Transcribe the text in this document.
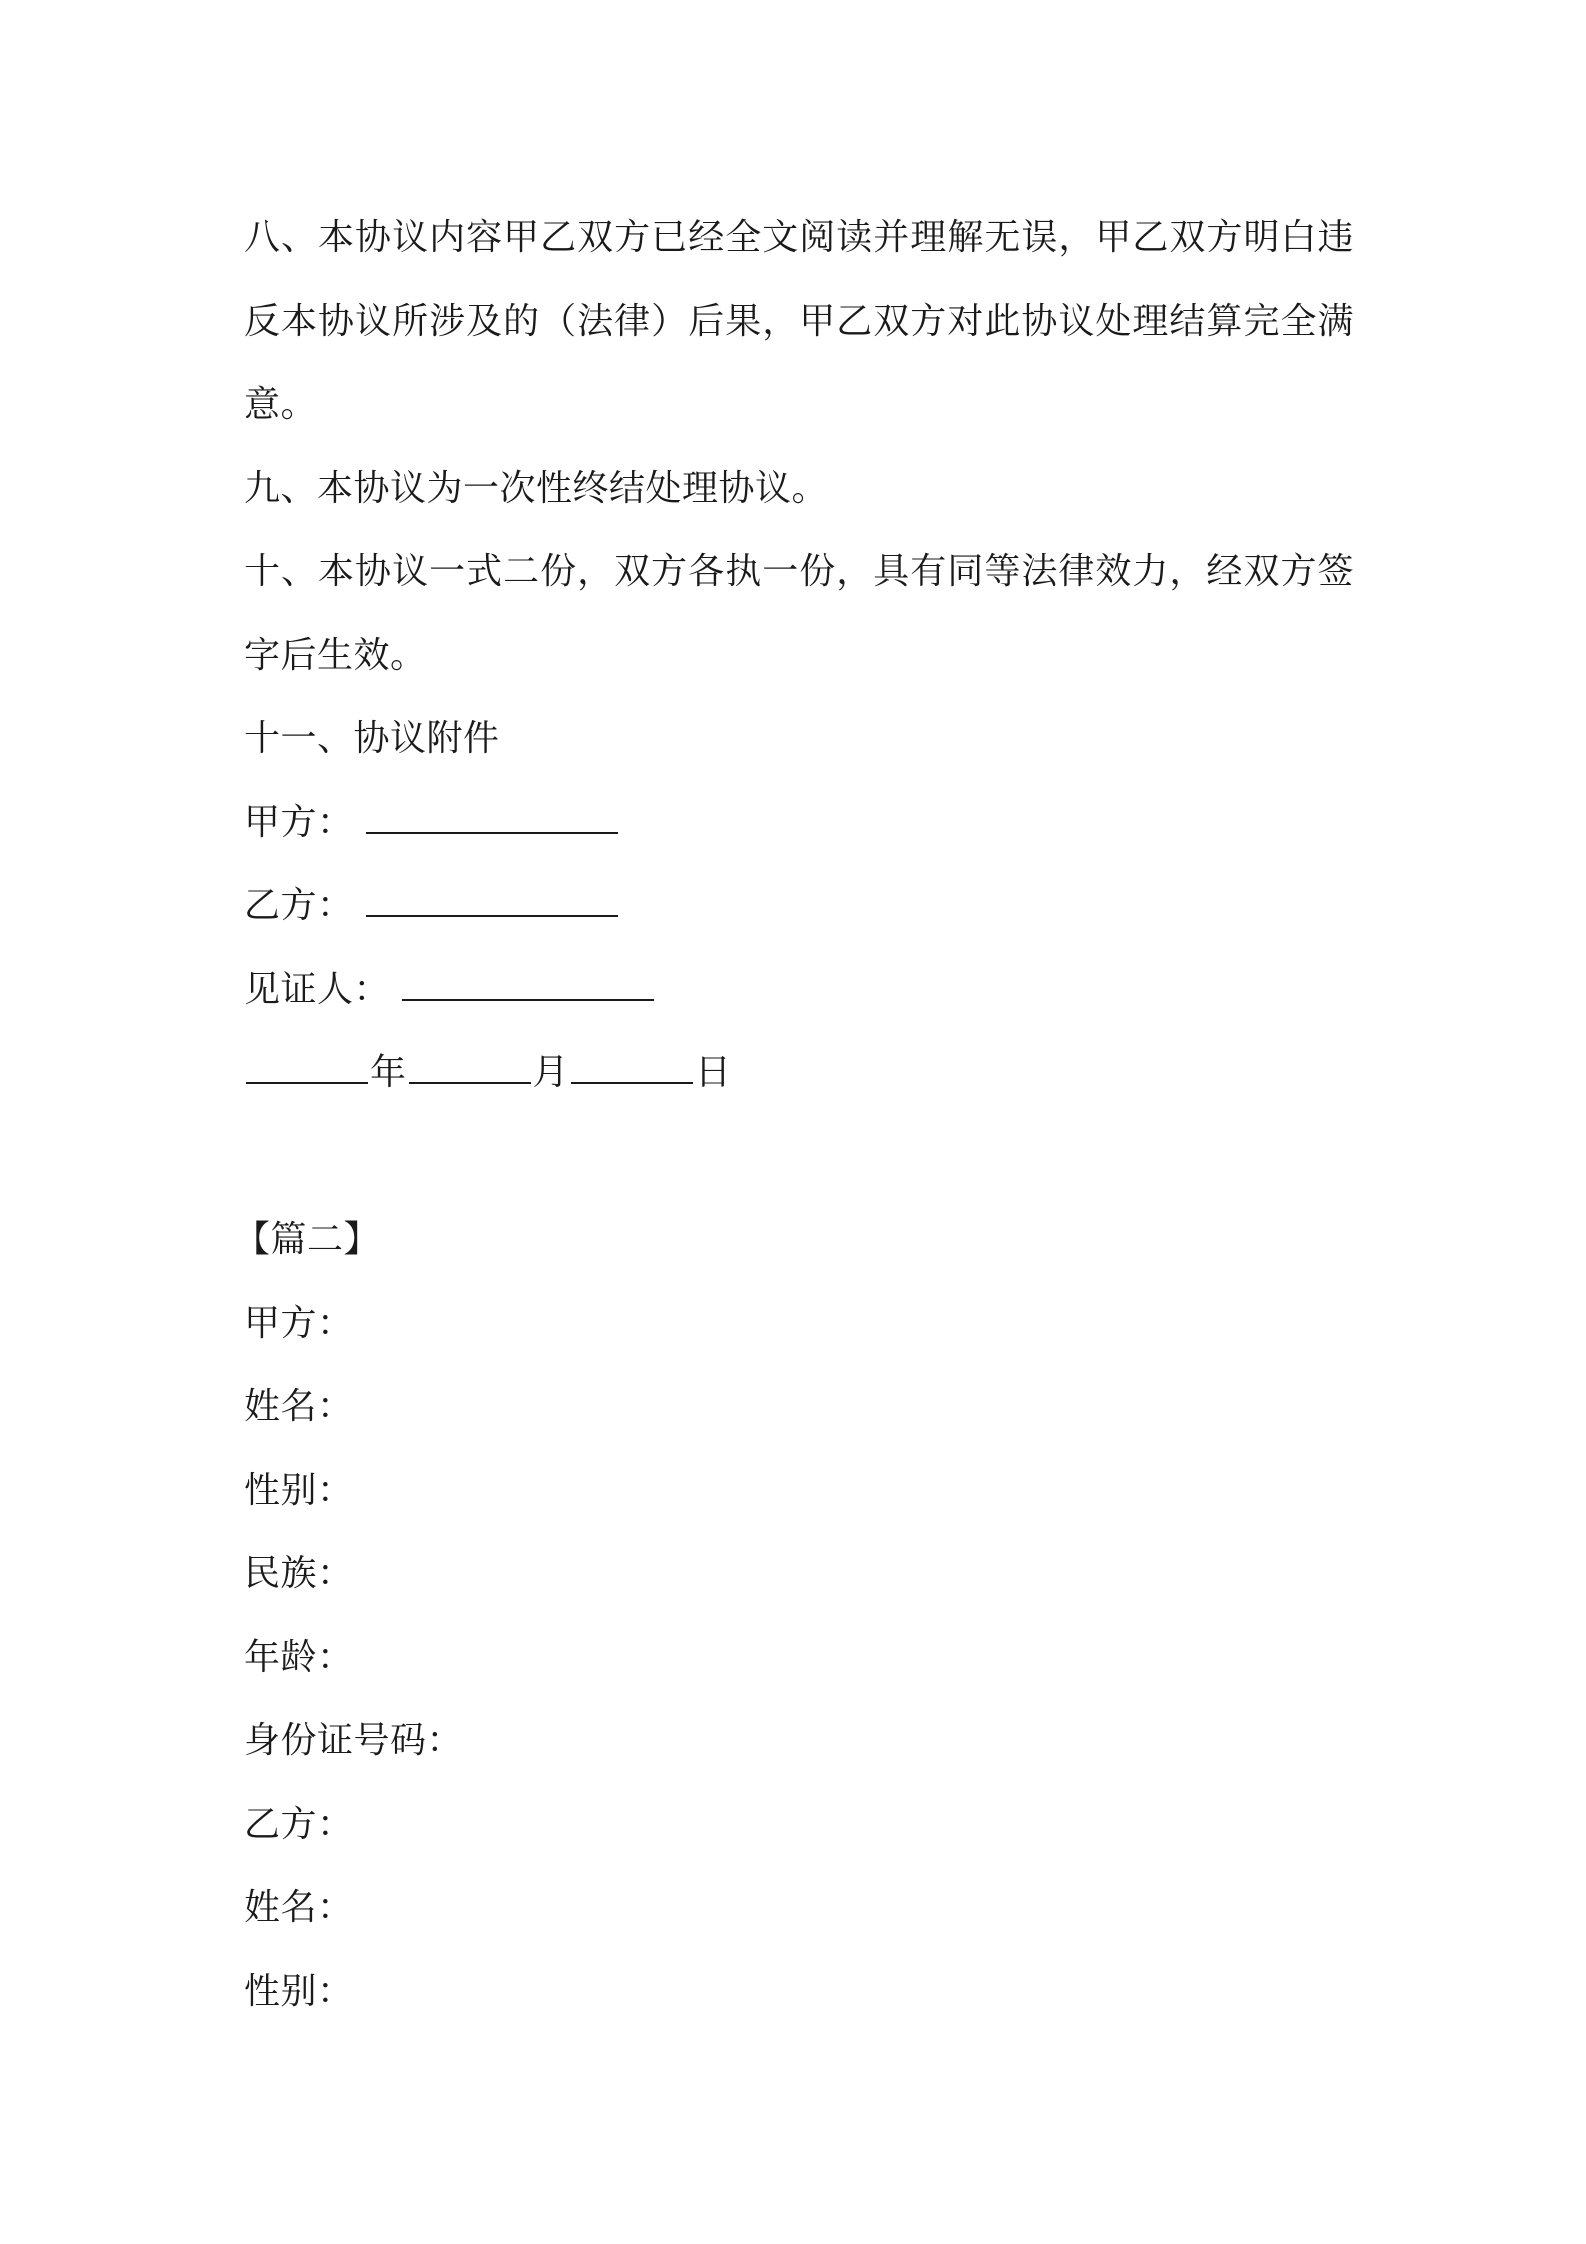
八、本协议内容甲乙双方已经全文阅读并理解无误，甲乙双方明白违反本协议所涉及的（法律）后果，甲乙双方对此协议处理结算完全满意。
九、本协议为一次性终结处理协议。
十、本协议一式二份，双方各执一份，具有同等法律效力，经双方签字后生效。
十一、协议附件
甲方：
乙方：
见证人：
年	月	日
【篇二】
甲方：
姓名：
性别：
民族：
年龄：
身份证号码：
乙方：
姓名：
性别：
